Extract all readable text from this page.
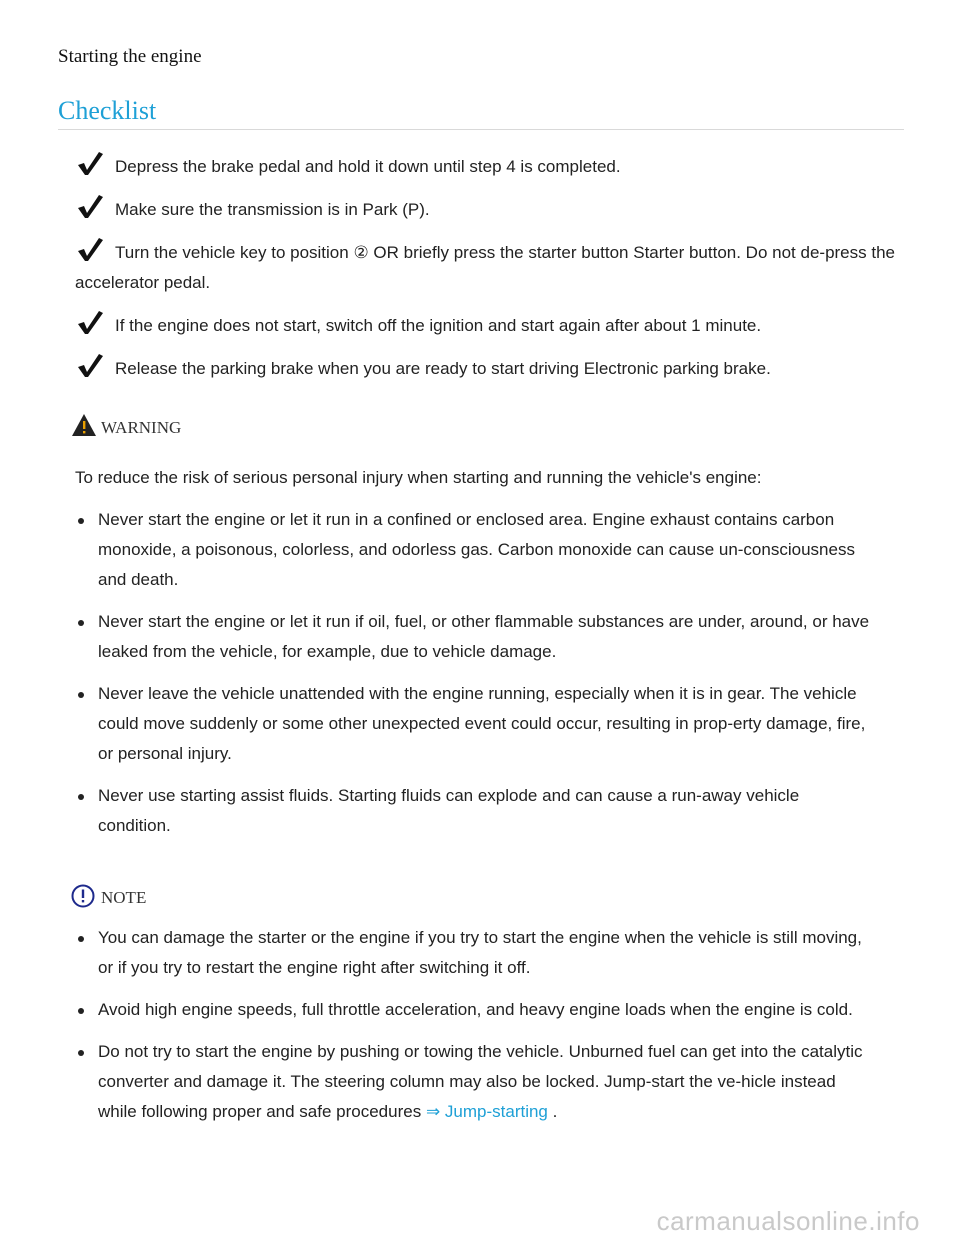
Starting the engine
Checklist
Depress the brake pedal and hold it down until step 4 is completed.
Make sure the transmission is in Park (P).
Turn the vehicle key to position ② OR briefly press the starter button Starter button. Do not de-press the accelerator pedal.
If the engine does not start, switch off the ignition and start again after about 1 minute.
Release the parking brake when you are ready to start driving Electronic parking brake.
WARNING
To reduce the risk of serious personal injury when starting and running the vehicle's engine:
Never start the engine or let it run in a confined or enclosed area. Engine exhaust contains carbon monoxide, a poisonous, colorless, and odorless gas. Carbon monoxide can cause un-consciousness and death.
Never start the engine or let it run if oil, fuel, or other flammable substances are under, around, or have leaked from the vehicle, for example, due to vehicle damage.
Never leave the vehicle unattended with the engine running, especially when it is in gear. The vehicle could move suddenly or some other unexpected event could occur, resulting in prop-erty damage, fire, or personal injury.
Never use starting assist fluids. Starting fluids can explode and can cause a run-away vehicle condition.
NOTE
You can damage the starter or the engine if you try to start the engine when the vehicle is still moving, or if you try to restart the engine right after switching it off.
Avoid high engine speeds, full throttle acceleration, and heavy engine loads when the engine is cold.
Do not try to start the engine by pushing or towing the vehicle. Unburned fuel can get into the catalytic converter and damage it. The steering column may also be locked. Jump-start the ve-hicle instead while following proper and safe procedures ⇒ Jump-starting .
carmanualsonline.info
